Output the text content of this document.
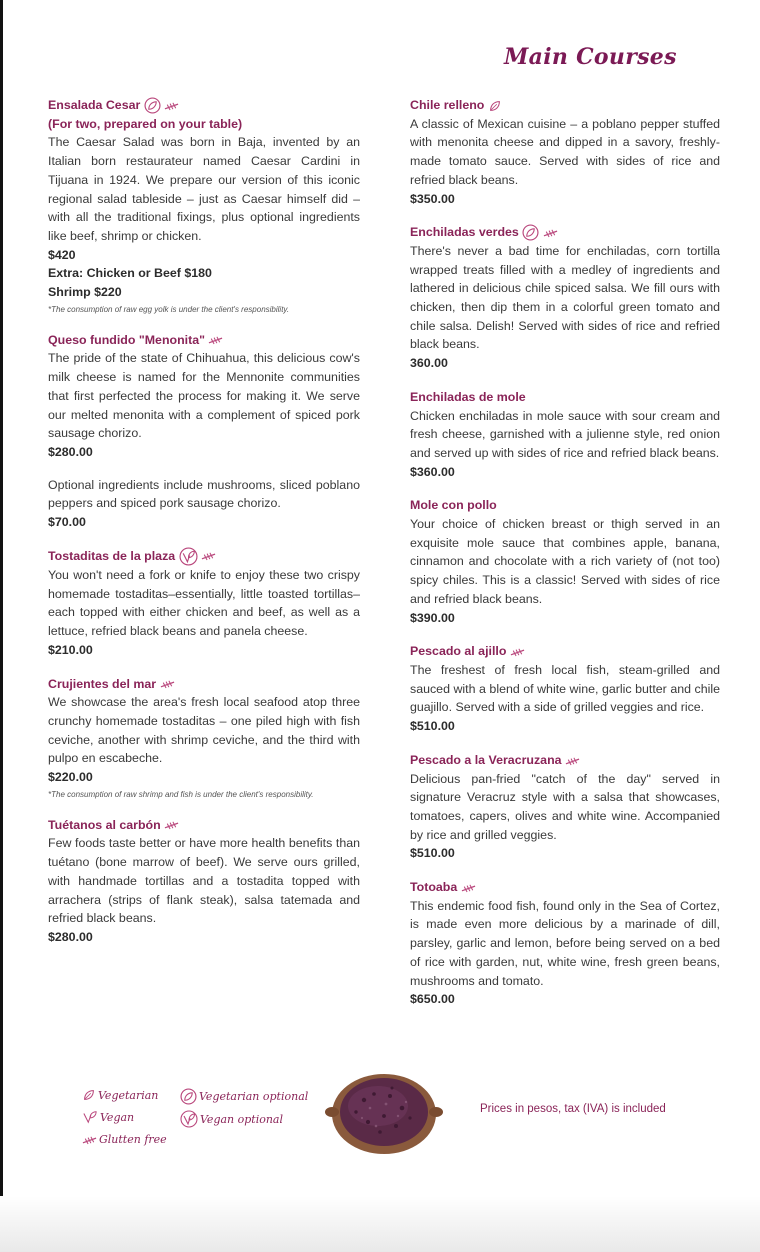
Main Courses
Ensalada Cesar
(For two, prepared on your table)

The Caesar Salad was born in Baja, invented by an Italian born restaurateur named Caesar Cardini in Tijuana in 1924. We prepare our version of this iconic regional salad tableside – just as Caesar himself did – with all the traditional fixings, plus optional ingredients like beef, shrimp or chicken.

$420
Extra: Chicken or Beef $180
Shrimp $220
*The consumption of raw egg yolk is under the client's responsibility.
Queso fundido "Menonita"

The pride of the state of Chihuahua, this delicious cow's milk cheese is named for the Mennonite communities that first perfected the process for making it. We serve our melted menonita with a complement of spiced pork sausage chorizo.

$280.00

Optional ingredients include mushrooms, sliced poblano peppers and spiced pork sausage chorizo.

$70.00
Tostaditas de la plaza

You won't need a fork or knife to enjoy these two crispy homemade tostaditas–essentially, little toasted tortillas–each topped with either chicken and beef, as well as a lettuce, refried black beans and panela cheese.

$210.00
Crujientes del mar

We showcase the area's fresh local seafood atop three crunchy homemade tostaditas – one piled high with fish ceviche, another with shrimp ceviche, and the third with pulpo en escabeche.

$220.00
*The consumption of raw shrimp and fish is under the client's responsibility.
Tuétanos al carbón

Few foods taste better or have more health benefits than tuétano (bone marrow of beef). We serve ours grilled, with handmade tortillas and a tostadita topped with arrachera (strips of flank steak), salsa tatemada and refried black beans.

$280.00
Chile relleno

A classic of Mexican cuisine – a poblano pepper stuffed with menonita cheese and dipped in a savory, freshly-made tomato sauce. Served with sides of rice and refried black beans.

$350.00
Enchiladas verdes

There's never a bad time for enchiladas, corn tortilla wrapped treats filled with a medley of ingredients and lathered in delicious chile spiced salsa. We fill ours with chicken, then dip them in a colorful green tomato and chile salsa. Delish! Served with sides of rice and refried black beans.

360.00
Enchiladas de mole

Chicken enchiladas in mole sauce with sour cream and fresh cheese, garnished with a julienne style, red onion and served up with sides of rice and refried black beans.

$360.00
Mole con pollo

Your choice of chicken breast or thigh served in an exquisite mole sauce that combines apple, banana, cinnamon and chocolate with a rich variety of (not too) spicy chiles. This is a classic! Served with sides of rice and refried black beans.

$390.00
Pescado al ajillo

The freshest of fresh local fish, steam-grilled and sauced with a blend of white wine, garlic butter and chile guajillo. Served with a side of grilled veggies and rice.

$510.00
Pescado a la Veracruzana

Delicious pan-fried "catch of the day" served in signature Veracruz style with a salsa that showcases, tomatoes, capers, olives and white wine. Accompanied by rice and grilled veggies.

$510.00
Totoaba

This endemic food fish, found only in the Sea of Cortez, is made even more delicious by a marinade of dill, parsley, garlic and lemon, before being served on a bed of rice with garden, nut, white wine, fresh green beans, mushrooms and tomato.

$650.00
Vegetarian
Vegan
Glutten free
Vegetarian optional
Vegan optional
Prices in pesos, tax (IVA) is included
